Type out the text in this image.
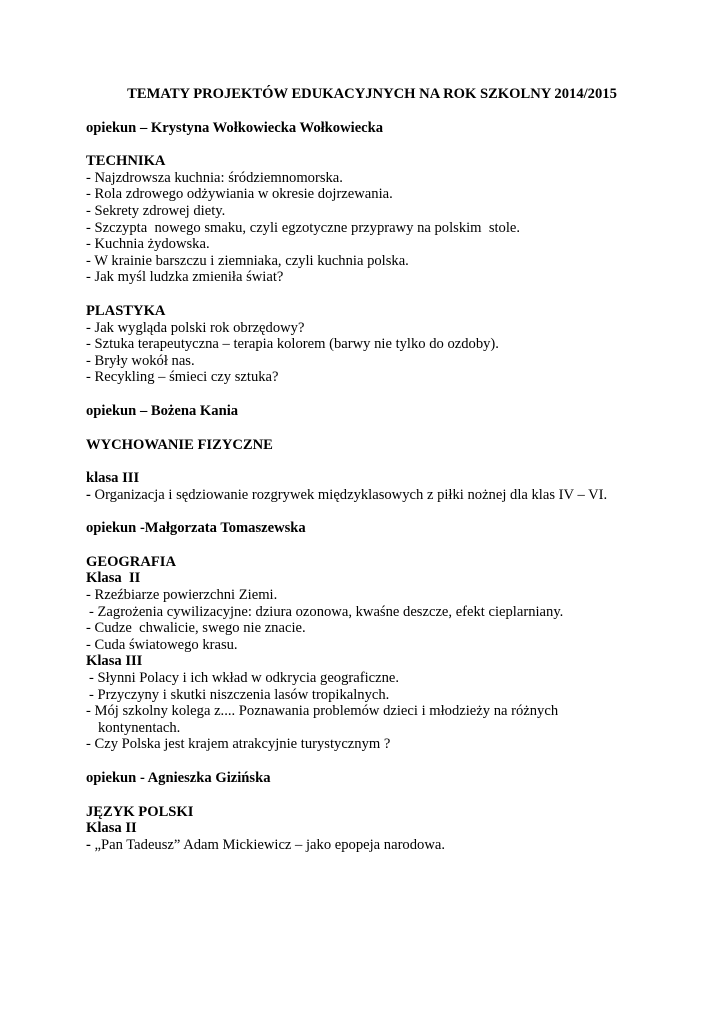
TEMATY PROJEKTÓW EDUKACYJNYCH NA ROK SZKOLNY 2014/2015

opiekun – Krystyna Wołkowiecka Wołkowiecka

TECHNIKA

- Najzdrowsza kuchnia: śródziemnomorska.

- Rola zdrowego odżywiania w okresie dojrzewania.

- Sekrety zdrowej diety.

- Szczypta  nowego smaku, czyli egzotyczne przyprawy na polskim  stole.

- Kuchnia żydowska.

- W krainie barszczu i ziemniaka, czyli kuchnia polska.

- Jak myśl ludzka zmieniła świat?

PLASTYKA

- Jak wygląda polski rok obrzędowy?

- Sztuka terapeutyczna – terapia kolorem (barwy nie tylko do ozdoby).

- Bryły wokół nas.

- Recykling – śmieci czy sztuka?

opiekun – Bożena Kania

WYCHOWANIE FIZYCZNE

klasa III

- Organizacja i sędziowanie rozgrywek międzyklasowych z piłki nożnej dla klas IV – VI.

opiekun -Małgorzata Tomaszewska

GEOGRAFIA

Klasa  II

- Rzeźbiarze powierzchni Ziemi.

- Zagrożenia cywilizacyjne: dziura ozonowa, kwaśne deszcze, efekt cieplarniany.

- Cudze  chwalicie, swego nie znacie.

- Cuda światowego krasu.

Klasa III

- Słynni Polacy i ich wkład w odkrycia geograficzne.

- Przyczyny i skutki niszczenia lasów tropikalnych.

- Mój szkolny kolega z.... Poznawania problemów dzieci i młodzieży na różnych

kontynentach.

- Czy Polska jest krajem atrakcyjnie turystycznym ?

opiekun - Agnieszka Gizińska

JĘZYK POLSKI

Klasa II

- „Pan Tadeusz” Adam Mickiewicz – jako epopeja narodowa.
